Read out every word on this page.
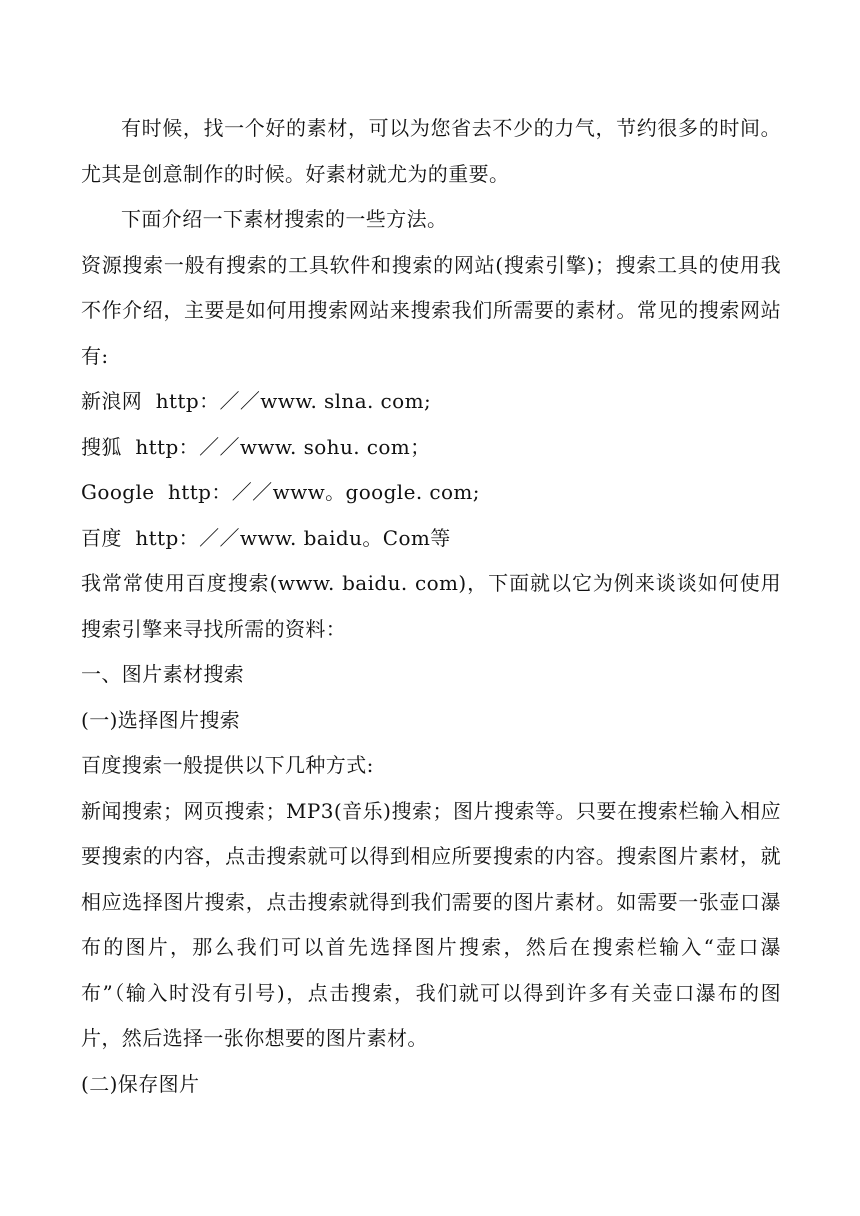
有时候，找一个好的素材，可以为您省去不少的力气，节约很多的时间。尤其是创意制作的时候。好素材就尤为的重要。

下面介绍一下素材搜索的一些方法。

资源搜索一般有搜索的工具软件和搜索的网站(搜索引擎)；搜索工具的使用我不作介绍，主要是如何用搜索网站来搜索我们所需要的素材。常见的搜索网站有:

新浪网  http：／／www. slna. com;

搜狐  http：／／www. sohu. com；

Google  http：／／www。google. com;

百度  http：／／www. baidu。Com等

我常常使用百度搜索(www. baidu. com)，下面就以它为例来谈谈如何使用搜索引擎来寻找所需的资料：

一、图片素材搜索

(一)选择图片搜索

百度搜索一般提供以下几种方式:

新闻搜索；网页搜索；MP3(音乐)搜索；图片搜索等。只要在搜索栏输入相应要搜索的内容，点击搜索就可以得到相应所要搜索的内容。搜索图片素材，就相应选择图片搜索，点击搜索就得到我们需要的图片素材。如需要一张壶口瀑布的图片，那么我们可以首先选择图片搜索，然后在搜索栏输入“壶口瀑布”（输入时没有引号)，点击搜索，我们就可以得到许多有关壶口瀑布的图片，然后选择一张你想要的图片素材。

(二)保存图片
